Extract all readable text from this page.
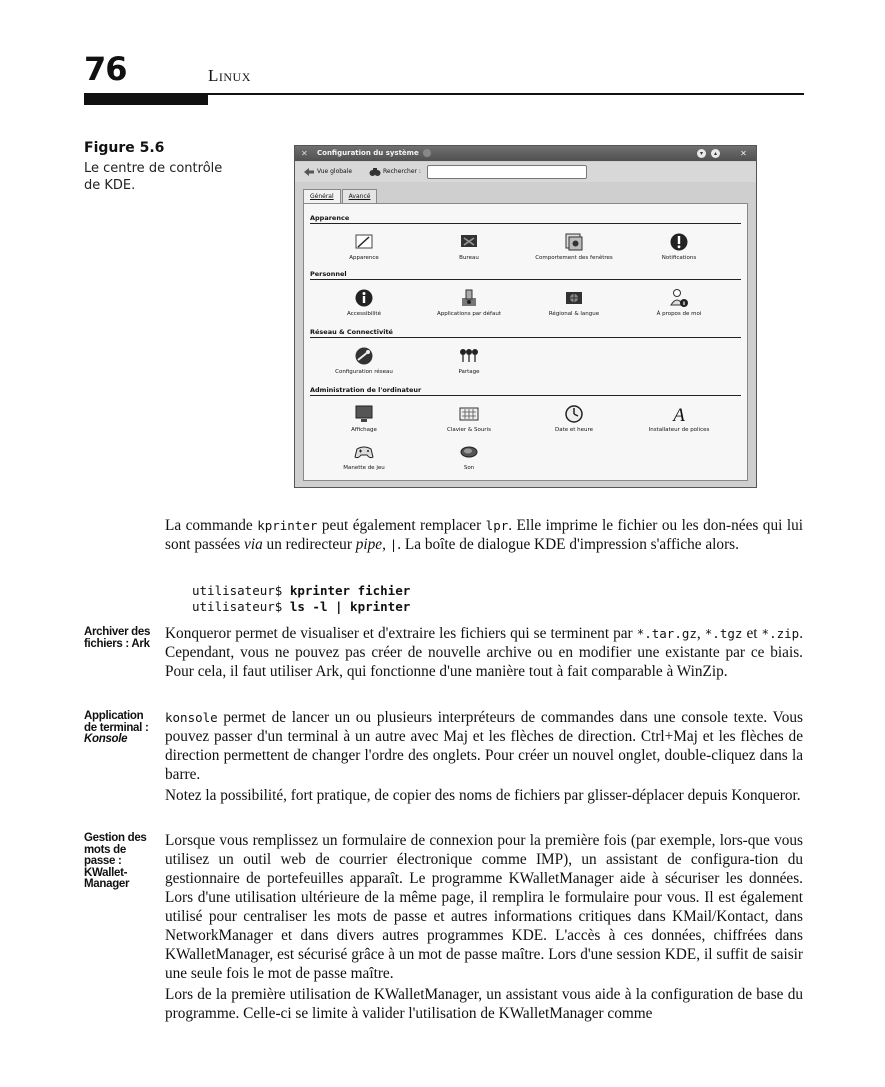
76	Linux
Figure 5.6
Le centre de contrôle
de KDE.
✕	Configuration du système	▾	▴	✕
Vue globale	Rechercher :
Général	Avancé
Apparence
Apparence	Bureau	Comportement des fenêtres	Notifications
Personnel
Accessibilité	Applications par défaut	Régional & langue	À propos de moi
Réseau & Connectivité
Configuration réseau	Partage
Administration de l'ordinateur
Affichage	Clavier & Souris	Date et heure
A
Installateur de polices
Manette de jeu	Son
La commande kprinter peut également remplacer lpr. Elle imprime le fichier ou les don-nées qui lui sont passées via un redirecteur pipe, |. La boîte de dialogue KDE d'impression s'affiche alors.
utilisateur$ kprinter fichier
utilisateur$ ls -l | kprinter
Archiver des
fichiers : Ark
Konqueror permet de visualiser et d'extraire les fichiers qui se terminent par *.tar.gz, *.tgz et *.zip. Cependant, vous ne pouvez pas créer de nouvelle archive ou en modifier une existante par ce biais. Pour cela, il faut utiliser Ark, qui fonctionne d'une manière tout à fait comparable à WinZip.
Application
de terminal :
Konsole
konsole permet de lancer un ou plusieurs interpréteurs de commandes dans une console texte. Vous pouvez passer d'un terminal à un autre avec Maj et les flèches de direction. Ctrl+Maj et les flèches de direction permettent de changer l'ordre des onglets. Pour créer un nouvel onglet, double-cliquez dans la barre.
Notez la possibilité, fort pratique, de copier des noms de fichiers par glisser-déplacer depuis Konqueror.
Gestion des
mots de
passe :
KWallet-
Manager
Lorsque vous remplissez un formulaire de connexion pour la première fois (par exemple, lors-que vous utilisez un outil web de courrier électronique comme IMP), un assistant de configura-tion du gestionnaire de portefeuilles apparaît. Le programme KWalletManager aide à sécuriser les données. Lors d'une utilisation ultérieure de la même page, il remplira le formulaire pour vous. Il est également utilisé pour centraliser les mots de passe et autres informations critiques dans KMail/Kontact, dans NetworkManager et dans divers autres programmes KDE. L'accès à ces données, chiffrées dans KWalletManager, est sécurisé grâce à un mot de passe maître. Lors d'une session KDE, il suffit de saisir une seule fois le mot de passe maître.
Lors de la première utilisation de KWalletManager, un assistant vous aide à la configuration de base du programme. Celle-ci se limite à valider l'utilisation de KWalletManager comme
